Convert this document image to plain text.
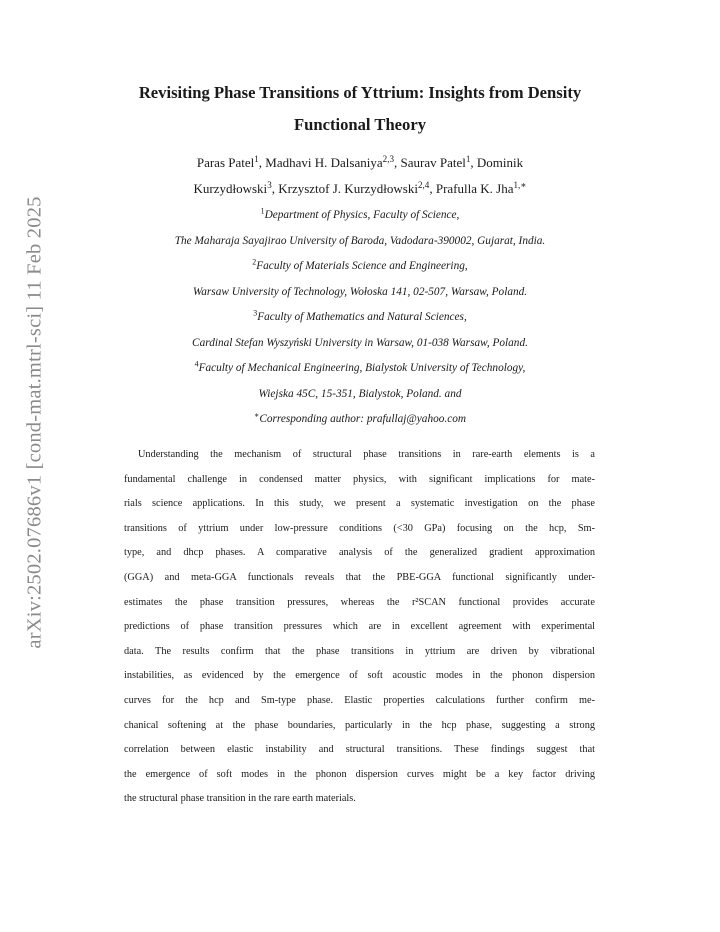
arXiv:2502.07686v1 [cond-mat.mtrl-sci] 11 Feb 2025
Revisiting Phase Transitions of Yttrium: Insights from Density
Functional Theory
Paras Patel$^1$, Madhavi H. Dalsaniya$^{2,3}$, Saurav Patel$^1$, Dominik
Kurzydłowski$^3$, Krzysztof J. Kurzydłowski$^{2,4}$, Prafulla K. Jha$^{1,∗}$
$^1$Department of Physics, Faculty of Science,
The Maharaja Sayajirao University of Baroda, Vadodara-390002, Gujarat, India.
$^2$Faculty of Materials Science and Engineering,
Warsaw University of Technology, Wołoska 141, 02-507, Warsaw, Poland.
$^3$Faculty of Mathematics and Natural Sciences,
Cardinal Stefan Wyszyński University in Warsaw, 01-038 Warsaw, Poland.
$^4$Faculty of Mechanical Engineering, Bialystok University of Technology,
Wiejska 45C, 15-351, Bialystok, Poland. and
∗Corresponding author: prafullaj@yahoo.com
Understanding the mechanism of structural phase transitions in rare-earth elements is a
fundamental challenge in condensed matter physics, with significant implications for mate-
rials science applications. In this study, we present a systematic investigation on the phase
transitions of yttrium under low-pressure conditions (<30 GPa) focusing on the hcp, Sm-
type, and dhcp phases. A comparative analysis of the generalized gradient approximation
(GGA) and meta-GGA functionals reveals that the PBE-GGA functional significantly under-
estimates the phase transition pressures, whereas the r²SCAN functional provides accurate
predictions of phase transition pressures which are in excellent agreement with experimental
data. The results confirm that the phase transitions in yttrium are driven by vibrational
instabilities, as evidenced by the emergence of soft acoustic modes in the phonon dispersion
curves for the hcp and Sm-type phase. Elastic properties calculations further confirm me-
chanical softening at the phase boundaries, particularly in the hcp phase, suggesting a strong
correlation between elastic instability and structural transitions. These findings suggest that
the emergence of soft modes in the phonon dispersion curves might be a key factor driving
the structural phase transition in the rare earth materials.
